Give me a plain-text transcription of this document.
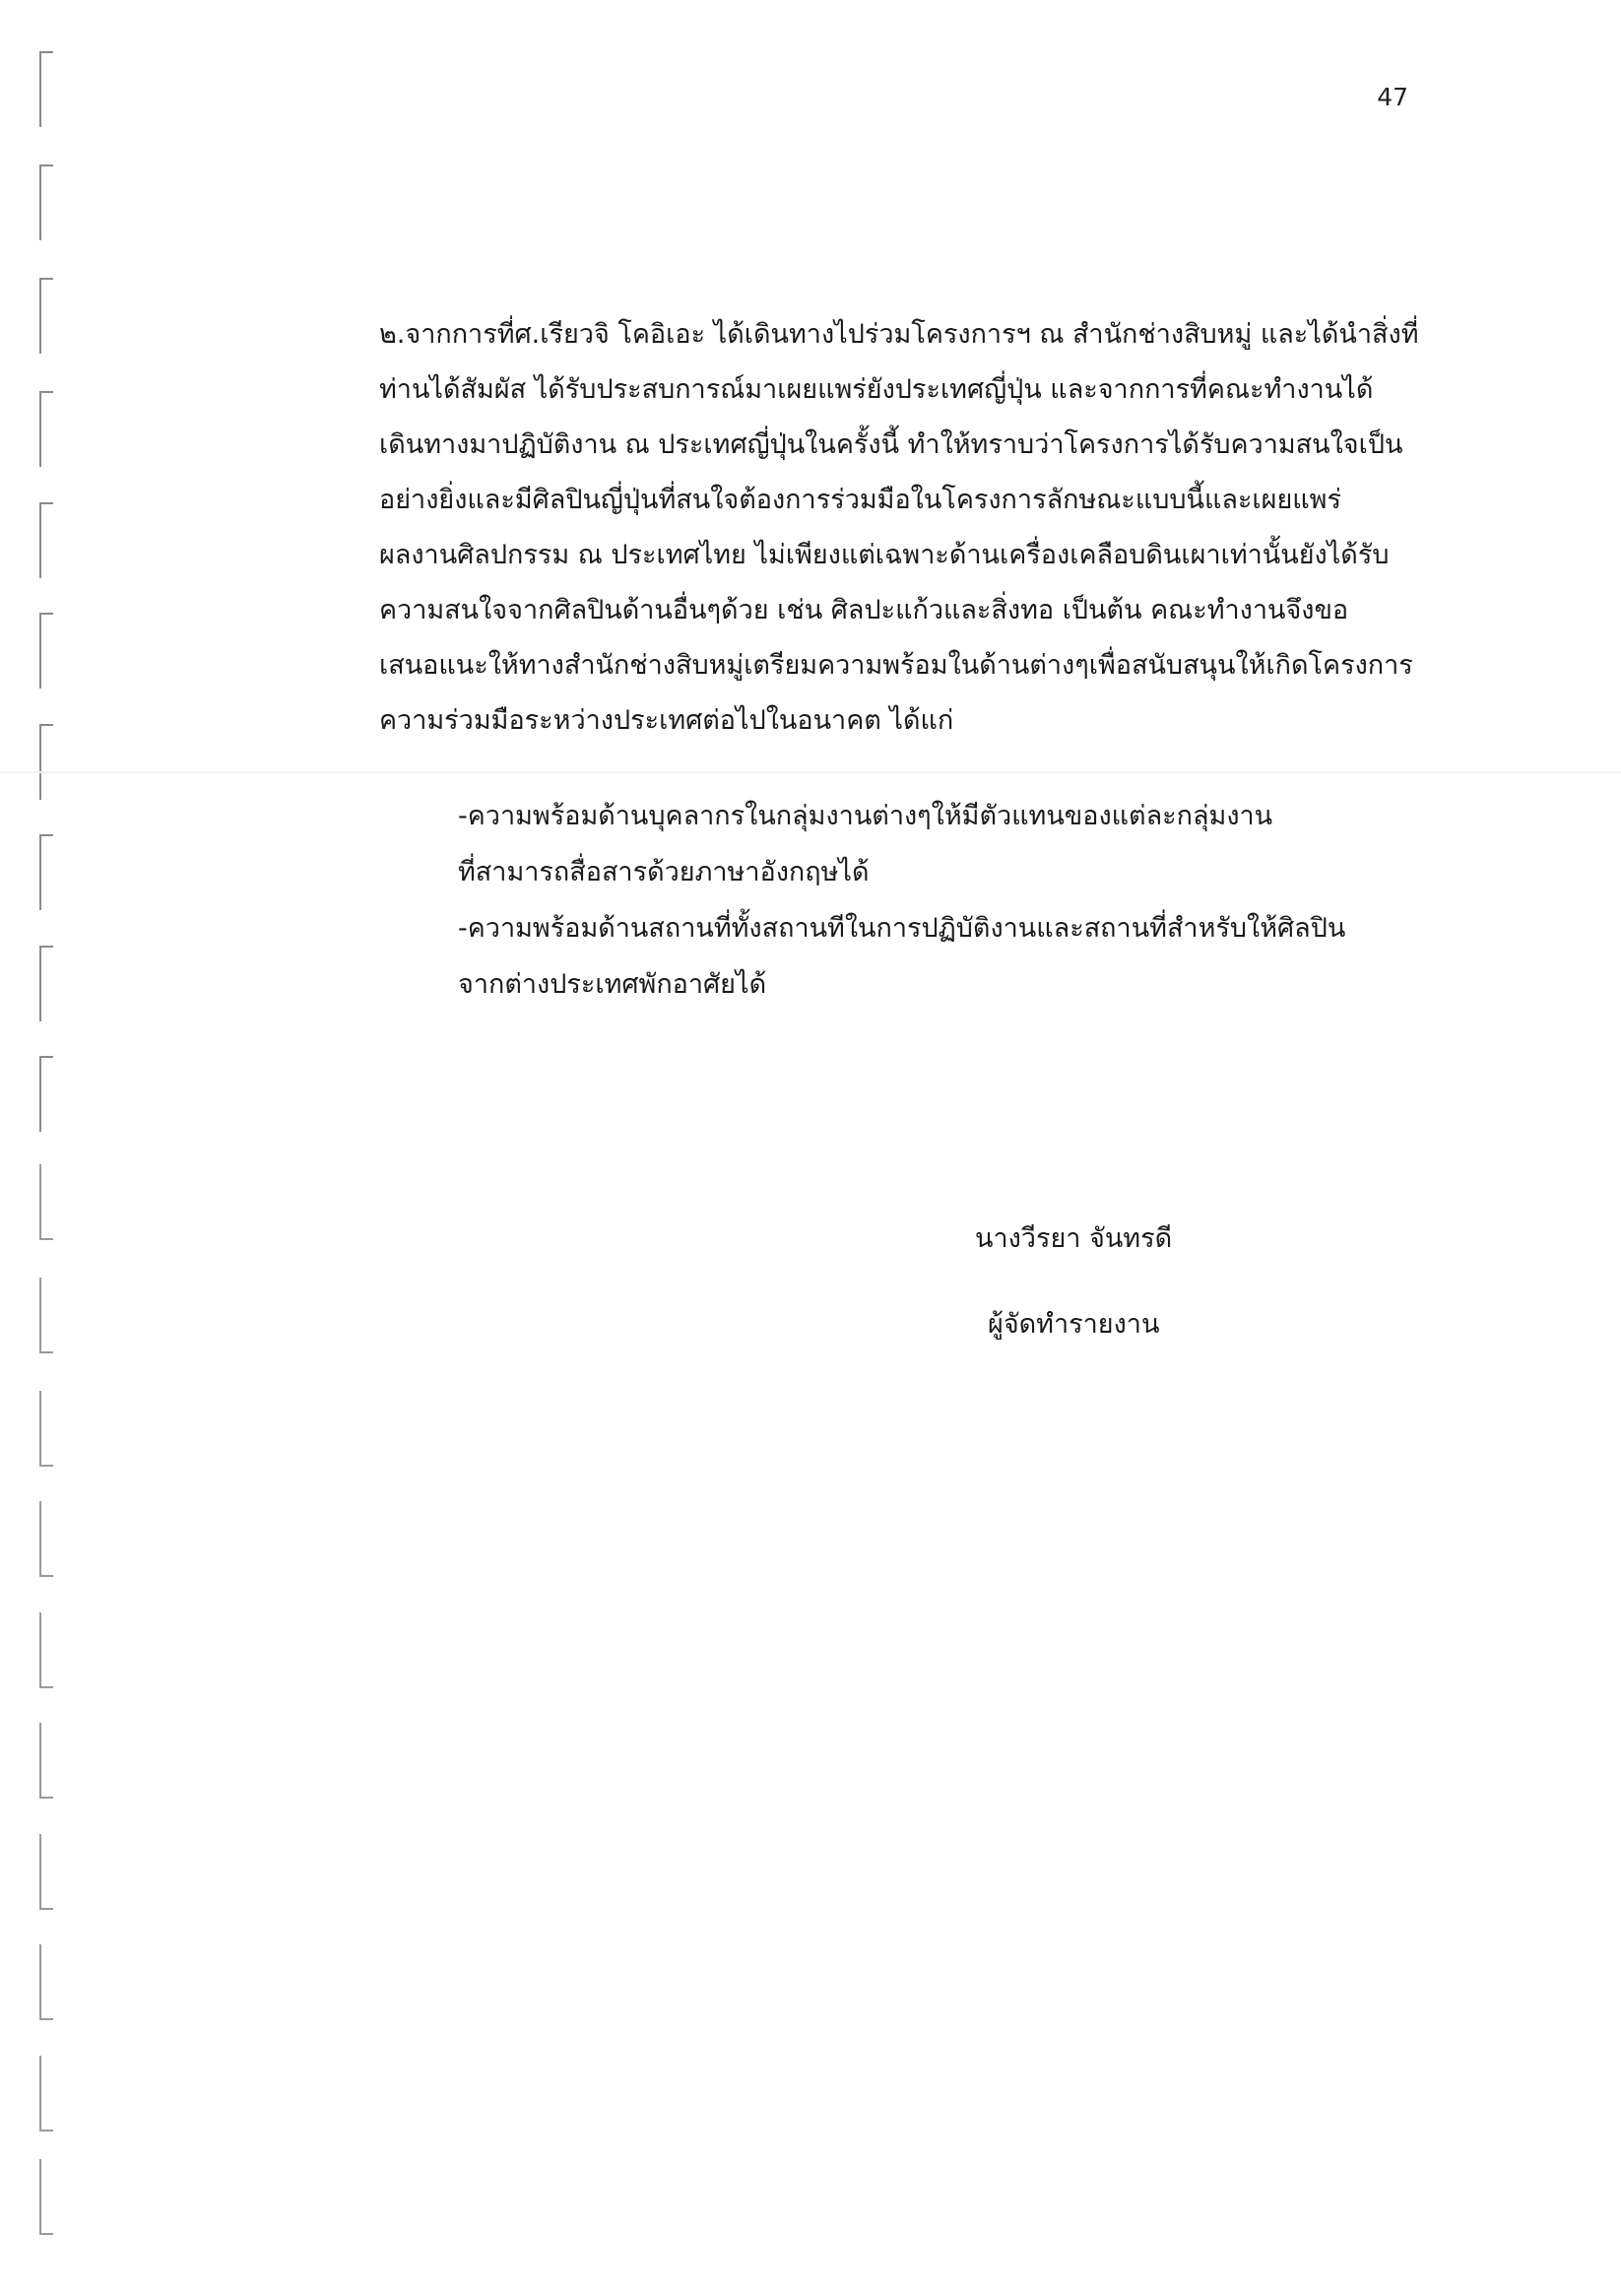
47
๒.จากการที่ศ.เรียวจิ โคอิเอะ ได้เดินทางไปร่วมโครงการฯ ณ สำนักช่างสิบหมู่ และได้นำสิ่งที่
ท่านได้สัมผัส ได้รับประสบการณ์มาเผยแพร่ยังประเทศญี่ปุ่น และจากการที่คณะทำงานได้
เดินทางมาปฏิบัติงาน ณ ประเทศญี่ปุ่นในครั้งนี้ ทำให้ทราบว่าโครงการได้รับความสนใจเป็น
อย่างยิ่งและมีศิลปินญี่ปุ่นที่สนใจต้องการร่วมมือในโครงการลักษณะแบบนี้และเผยแพร่
ผลงานศิลปกรรม ณ ประเทศไทย ไม่เพียงแต่เฉพาะด้านเครื่องเคลือบดินเผาเท่านั้นยังได้รับ
ความสนใจจากศิลปินด้านอื่นๆด้วย เช่น ศิลปะแก้วและสิ่งทอ เป็นต้น คณะทำงานจึงขอ
เสนอแนะให้ทางสำนักช่างสิบหมู่เตรียมความพร้อมในด้านต่างๆเพื่อสนับสนุนให้เกิดโครงการ
ความร่วมมือระหว่างประเทศต่อไปในอนาคต ได้แก่
-ความพร้อมด้านบุคลากรในกลุ่มงานต่างๆให้มีตัวแทนของแต่ละกลุ่มงาน
ที่สามารถสื่อสารด้วยภาษาอังกฤษได้
-ความพร้อมด้านสถานที่ทั้งสถานทีในการปฏิบัติงานและสถานที่สำหรับให้ศิลปิน
จากต่างประเทศพักอาศัยได้
นางวีรยา จันทรดี
ผู้จัดทำรายงาน
